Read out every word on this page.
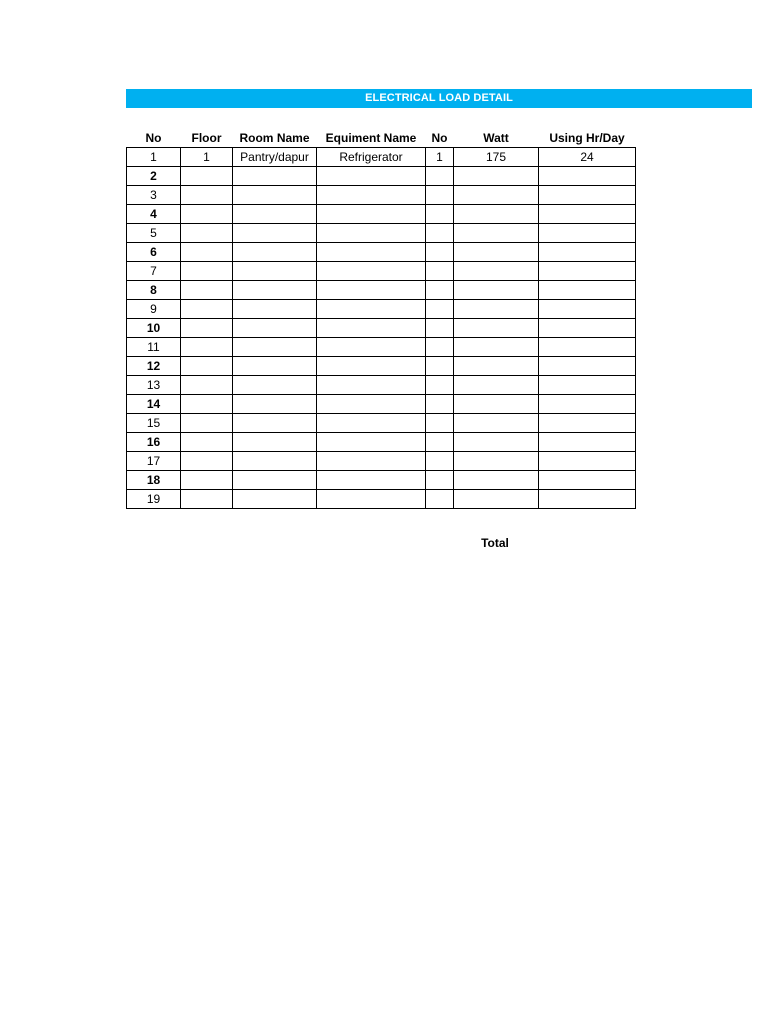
ELECTRICAL LOAD DETAIL
No	Floor	Room Name	Equiment Name	No	Watt	Using Hr/Day
1	1	Pantry/dapur	Refrigerator	1	175	24
2						
3						
4						
5						
6						
7						
8						
9						
10						
11						
12						
13						
14						
15						
16						
17						
18						
19						
Total
